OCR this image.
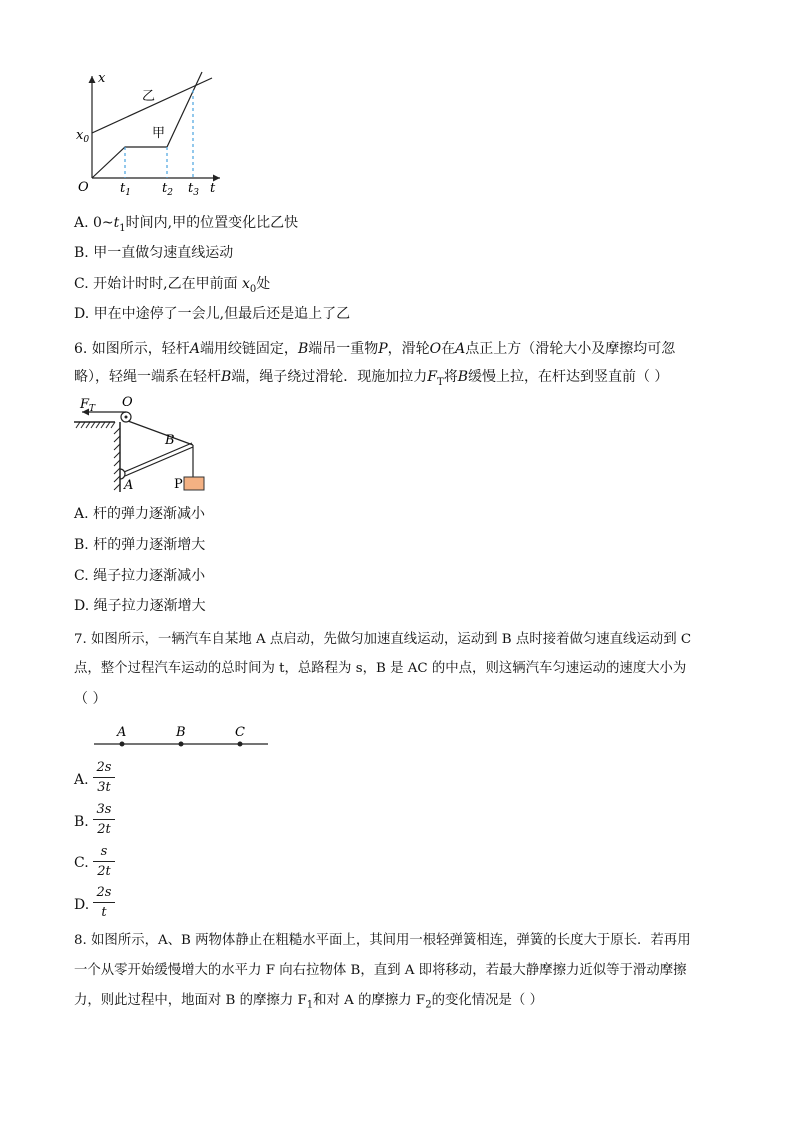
x
t
O
$x_0$
$t_1$ $t_2$ $t_3$
乙
甲
A. $0\sim t_1$时间内,甲的位置变化比乙快
B. 甲一直做匀速直线运动
C. 开始计时时,乙在甲前面 $x_0$处
D. 甲在中途停了一会儿,但最后还是追上了乙
6. 如图所示，轻杆A端用绞链固定，B端吊一重物P，滑轮O在A点正上方（滑轮大小及摩擦均可忽
略），轻绳一端系在轻杆B端，绳子绕过滑轮．现施加拉力$F_T$将B缓慢上拉，在杆达到竖直前（ ）
$F_T$ O
B
A	P
A. 杆的弹力逐渐减小
B. 杆的弹力逐渐增大
C. 绳子拉力逐渐减小
D. 绳子拉力逐渐增大
7. 如图所示，一辆汽车自某地 A 点启动，先做匀加速直线运动，运动到 B 点时接着做匀速直线运动到 C
点，整个过程汽车运动的总时间为 t，总路程为 s，B 是 AC 的中点，则这辆汽车匀速运动的速度大小为
（ ）
A	B	C
A.
2s
3t
B.
3s
2t
C.
s
2t
D.
2s
t
8. 如图所示，A、B 两物体静止在粗糙水平面上，其间用一根轻弹簧相连，弹簧的长度大于原长．若再用
一个从零开始缓慢增大的水平力 F 向右拉物体 B，直到 A 即将移动，若最大静摩擦力近似等于滑动摩擦
力，则此过程中，地面对 B 的摩擦力 $F_1$和对 A 的摩擦力 $F_2$的变化情况是（ ）
